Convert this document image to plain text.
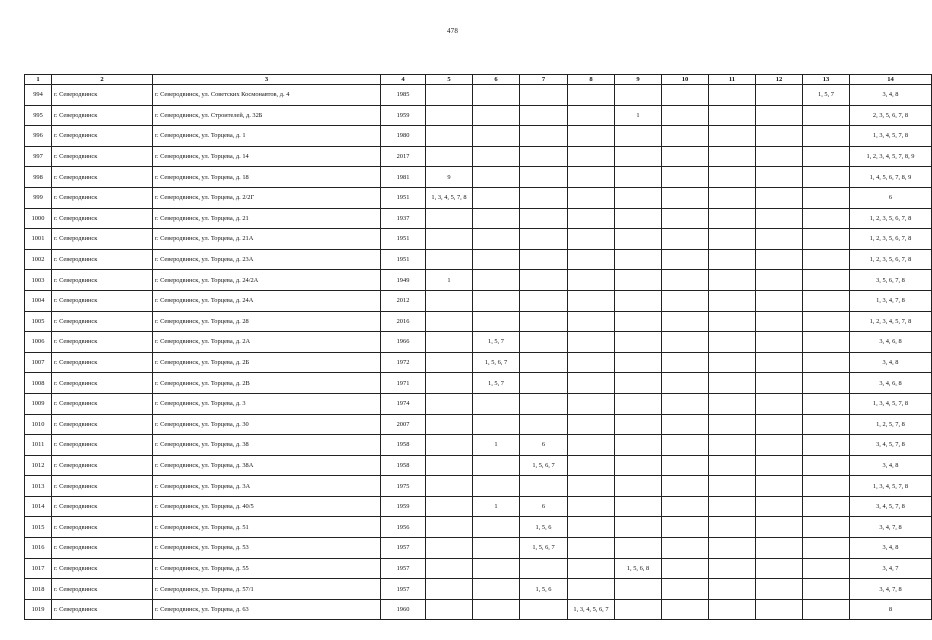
478
1	2	3	4	5	6	7	8	9	10	11	12	13	14
994	г. Северодвинск	г. Северодвинск, ул. Советских Космонавтов, д. 4	1985									1, 5, 7	3, 4, 8
995	г. Северодвинск	г. Северодвинск, ул. Строителей, д. 32Б	1959					1					2, 3, 5, 6, 7, 8
996	г. Северодвинск	г. Северодвинск, ул. Торцева, д. 1	1980										1, 3, 4, 5, 7, 8
997	г. Северодвинск	г. Северодвинск, ул. Торцева, д. 14	2017										1, 2, 3, 4, 5, 7, 8, 9
998	г. Северодвинск	г. Северодвинск, ул. Торцева, д. 18	1981	9									1, 4, 5, 6, 7, 8, 9
999	г. Северодвинск	г. Северодвинск, ул. Торцева, д. 2/2Г	1951	1, 3, 4, 5, 7, 8									6
1000	г. Северодвинск	г. Северодвинск, ул. Торцева, д. 21	1937										1, 2, 3, 5, 6, 7, 8
1001	г. Северодвинск	г. Северодвинск, ул. Торцева, д. 21А	1951										1, 2, 3, 5, 6, 7, 8
1002	г. Северодвинск	г. Северодвинск, ул. Торцева, д. 23А	1951										1, 2, 3, 5, 6, 7, 8
1003	г. Северодвинск	г. Северодвинск, ул. Торцева, д. 24/2А	1949	1									3, 5, 6, 7, 8
1004	г. Северодвинск	г. Северодвинск, ул. Торцева, д. 24А	2012										1, 3, 4, 7, 8
1005	г. Северодвинск	г. Северодвинск, ул. Торцева, д. 28	2016										1, 2, 3, 4, 5, 7, 8
1006	г. Северодвинск	г. Северодвинск, ул. Торцева, д. 2А	1966		1, 5, 7								3, 4, 6, 8
1007	г. Северодвинск	г. Северодвинск, ул. Торцева, д. 2Б	1972		1, 5, 6, 7								3, 4, 8
1008	г. Северодвинск	г. Северодвинск, ул. Торцева, д. 2В	1971		1, 5, 7								3, 4, 6, 8
1009	г. Северодвинск	г. Северодвинск, ул. Торцева, д. 3	1974										1, 3, 4, 5, 7, 8
1010	г. Северодвинск	г. Северодвинск, ул. Торцева, д. 30	2007										1, 2, 5, 7, 8
1011	г. Северодвинск	г. Северодвинск, ул. Торцева, д. 38	1958		1	6							3, 4, 5, 7, 8
1012	г. Северодвинск	г. Северодвинск, ул. Торцева, д. 38А	1958			1, 5, 6, 7							3, 4, 8
1013	г. Северодвинск	г. Северодвинск, ул. Торцева, д. 3А	1975										1, 3, 4, 5, 7, 8
1014	г. Северодвинск	г. Северодвинск, ул. Торцева, д. 40/5	1959		1	6							3, 4, 5, 7, 8
1015	г. Северодвинск	г. Северодвинск, ул. Торцева, д. 51	1956			1, 5, 6							3, 4, 7, 8
1016	г. Северодвинск	г. Северодвинск, ул. Торцева, д. 53	1957			1, 5, 6, 7							3, 4, 8
1017	г. Северодвинск	г. Северодвинск, ул. Торцева, д. 55	1957					1, 5, 6, 8					3, 4, 7
1018	г. Северодвинск	г. Северодвинск, ул. Торцева, д. 57/1	1957			1, 5, 6							3, 4, 7, 8
1019	г. Северодвинск	г. Северодвинск, ул. Торцева, д. 63	1960				1, 3, 4, 5, 6, 7						8
